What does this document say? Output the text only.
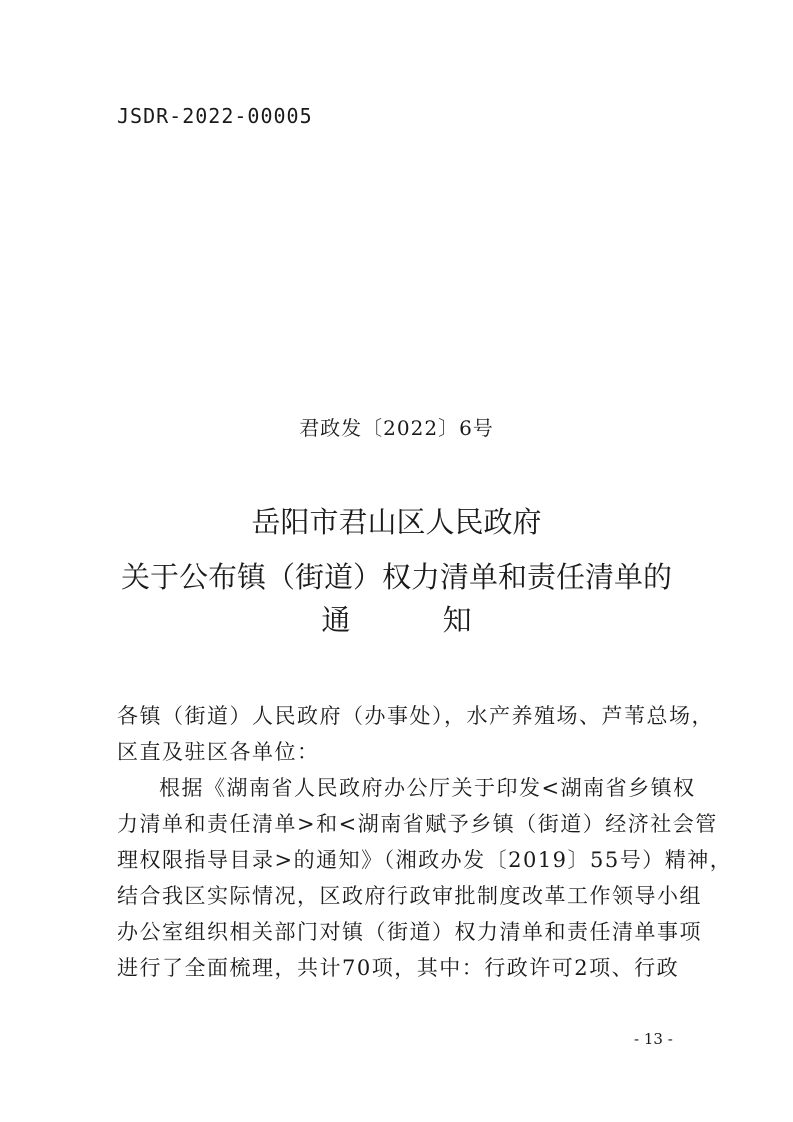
JSDR-2022-00005
君政发〔2022〕6号
岳阳市君山区人民政府
关于公布镇（街道）权力清单和责任清单的
通          知
各镇（街道）人民政府（办事处），水产养殖场、芦苇总场，
区直及驻区各单位：
根据《湖南省人民政府办公厅关于印发<湖南省乡镇权
力清单和责任清单>和<湖南省赋予乡镇（街道）经济社会管
理权限指导目录>的通知》（湘政办发〔2019〕55号）精神，
结合我区实际情况，区政府行政审批制度改革工作领导小组
办公室组织相关部门对镇（街道）权力清单和责任清单事项
进行了全面梳理，共计70项，其中：行政许可2项、行政
- 13 -
